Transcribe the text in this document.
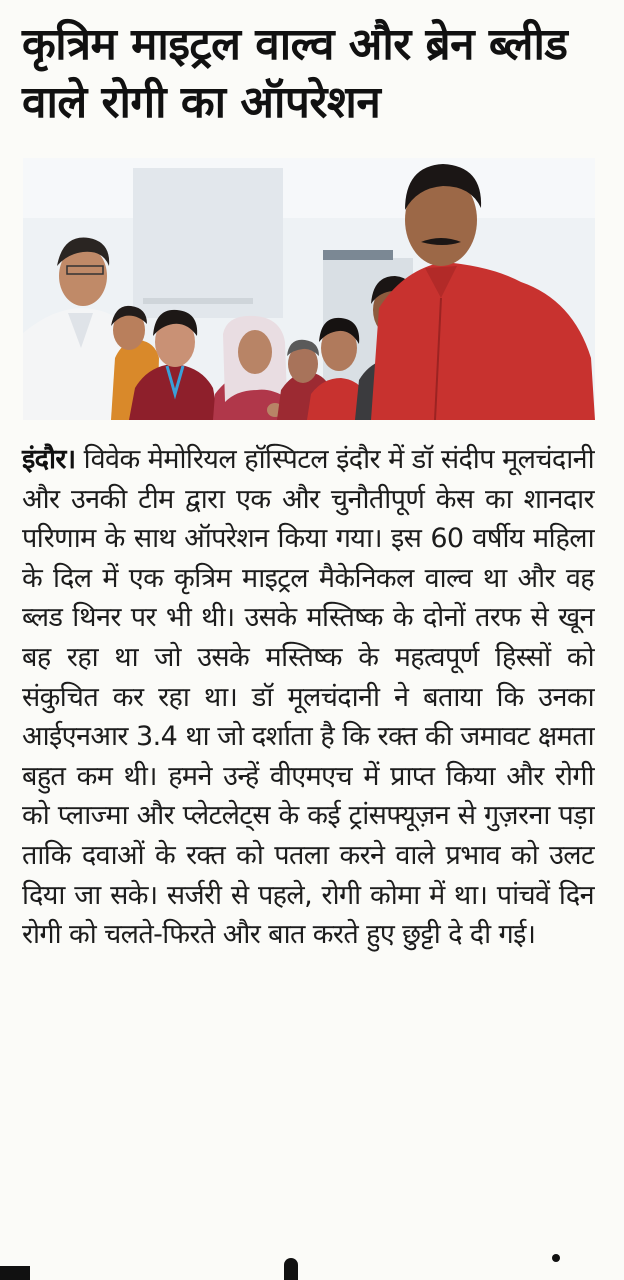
कृत्रिम माइट्रल वाल्व और ब्रेन ब्लीड वाले रोगी का ऑपरेशन
इंदौर। विवेक मेमोरियल हॉस्पिटल इंदौर में डॉ संदीप मूलचंदानी और उनकी टीम द्वारा एक और चुनौतीपूर्ण केस का शानदार परिणाम के साथ ऑपरेशन किया गया। इस 60 वर्षीय महिला के दिल में एक कृत्रिम माइट्रल मैकेनिकल वाल्व था और वह ब्लड थिनर पर भी थी। उसके मस्तिष्क के दोनों तरफ से खून बह रहा था जो उसके मस्तिष्क के महत्वपूर्ण हिस्सों को संकुचित कर रहा था। डॉ मूलचंदानी ने बताया कि उनका आईएनआर 3.4 था जो दर्शाता है कि रक्त की जमावट क्षमता बहुत कम थी। हमने उन्हें वीएमएच में प्राप्त किया और रोगी को प्लाज्मा और प्लेटलेट्स के कई ट्रांसफ्यूज़न से गुज़रना पड़ा ताकि दवाओं के रक्त को पतला करने वाले प्रभाव को उलट दिया जा सके। सर्जरी से पहले, रोगी कोमा में था। पांचवें दिन रोगी को चलते-फिरते और बात करते हुए छुट्टी दे दी गई।
